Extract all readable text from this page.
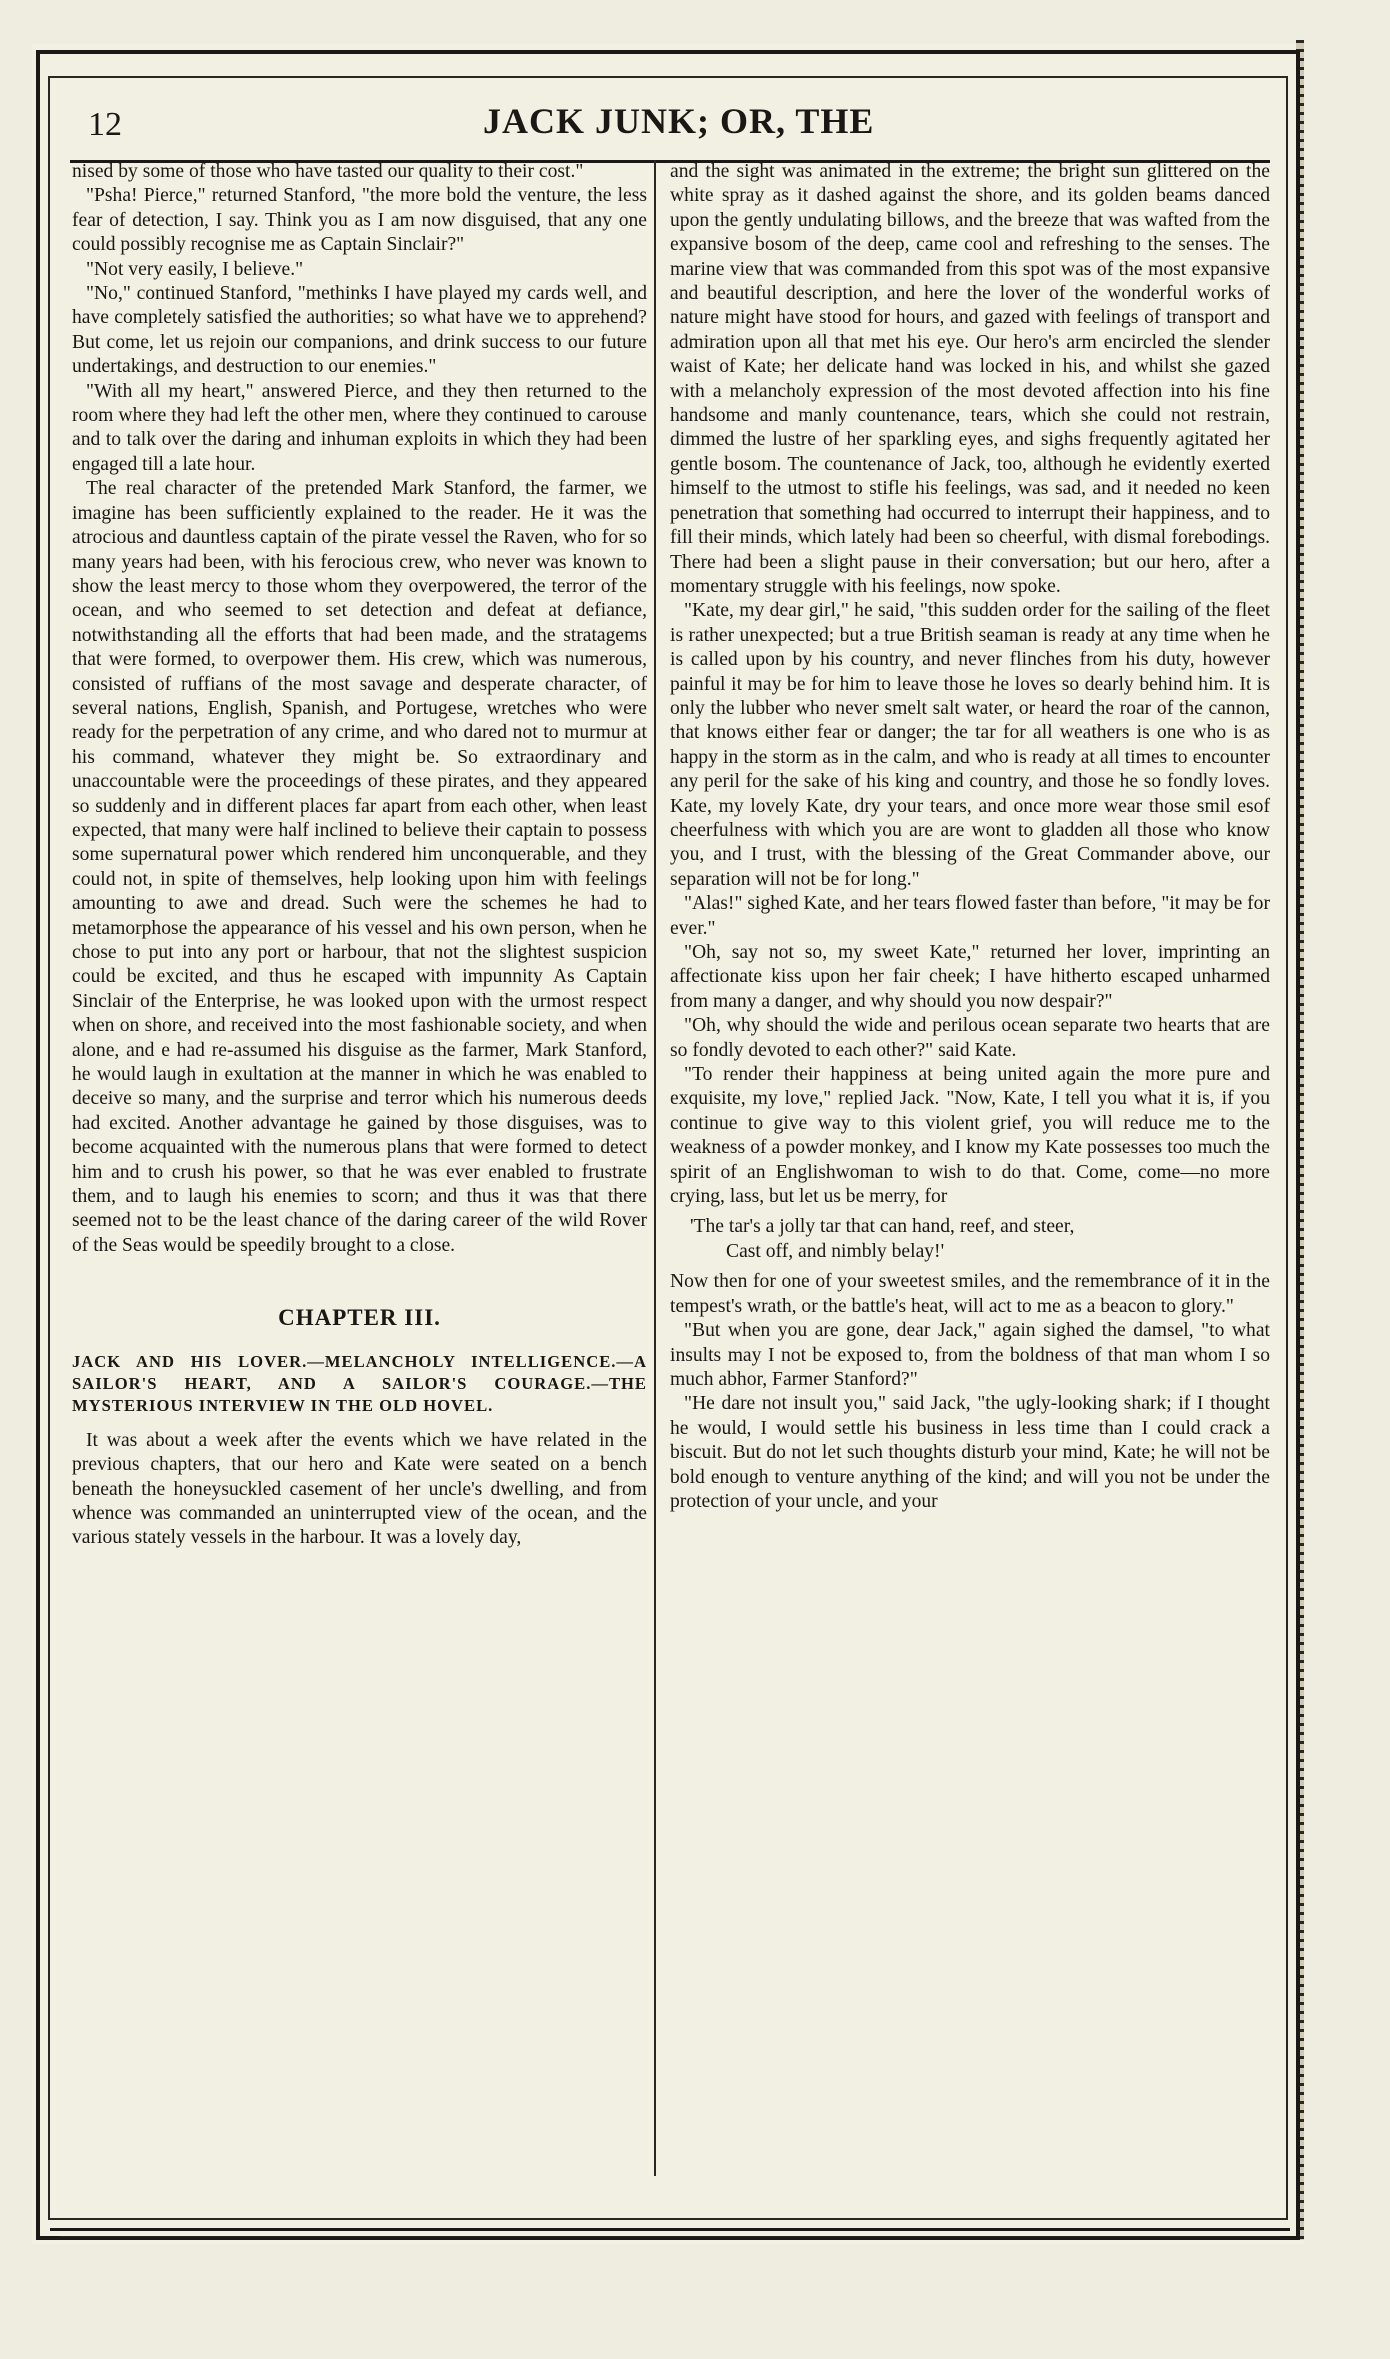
12	JACK JUNK; OR, THE

nised by some of those who have tasted our quality to their cost."

"Psha! Pierce," returned Stanford, "the more bold the venture, the less fear of detection, I say. Think you as I am now disguised, that any one could possibly recognise me as Captain Sinclair?"

"Not very easily, I believe."

"No," continued Stanford, "methinks I have played my cards well, and have completely satisfied the authorities; so what have we to apprehend? But come, let us rejoin our companions, and drink success to our future undertakings, and destruction to our enemies."

"With all my heart," answered Pierce, and they then returned to the room where they had left the other men, where they continued to carouse and to talk over the daring and inhuman exploits in which they had been engaged till a late hour.

The real character of the pretended Mark Stanford, the farmer, we imagine has been sufficiently explained to the reader. He it was the atrocious and dauntless captain of the pirate vessel the Raven, who for so many years had been, with his ferocious crew, who never was known to show the least mercy to those whom they overpowered, the terror of the ocean, and who seemed to set detection and defeat at defiance, notwithstanding all the efforts that had been made, and the stratagems that were formed, to overpower them. His crew, which was numerous, consisted of ruffians of the most savage and desperate character, of several nations, English, Spanish, and Portugese, wretches who were ready for the perpetration of any crime, and who dared not to murmur at his command, whatever they might be. So extraordinary and unaccountable were the proceedings of these pirates, and they appeared so suddenly and in different places far apart from each other, when least expected, that many were half inclined to believe their captain to possess some supernatural power which rendered him unconquerable, and they could not, in spite of themselves, help looking upon him with feelings amounting to awe and dread. Such were the schemes he had to metamorphose the appearance of his vessel and his own person, when he chose to put into any port or harbour, that not the slightest suspicion could be excited, and thus he escaped with impunnity As Captain Sinclair of the Enterprise, he was looked upon with the urmost respect when on shore, and received into the most fashionable society, and when alone, and e had re-assumed his disguise as the farmer, Mark Stanford, he would laugh in exultation at the manner in which he was enabled to deceive so many, and the surprise and terror which his numerous deeds had excited. Another advantage he gained by those disguises, was to become acquainted with the numerous plans that were formed to detect him and to crush his power, so that he was ever enabled to frustrate them, and to laugh his enemies to scorn; and thus it was that there seemed not to be the least chance of the daring career of the wild Rover of the Seas would be speedily brought to a close.

CHAPTER III.
JACK AND HIS LOVER.—MELANCHOLY INTELLIGENCE.—A SAILOR'S HEART, AND A SAILOR'S COURAGE.—THE MYSTERIOUS INTERVIEW IN THE OLD HOVEL.

It was about a week after the events which we have related in the previous chapters, that our hero and Kate were seated on a bench beneath the honeysuckled casement of her uncle's dwelling, and from whence was commanded an uninterrupted view of the ocean, and the various stately vessels in the harbour. It was a lovely day,

and the sight was animated in the extreme; the bright sun glittered on the white spray as it dashed against the shore, and its golden beams danced upon the gently undulating billows, and the breeze that was wafted from the expansive bosom of the deep, came cool and refreshing to the senses. The marine view that was commanded from this spot was of the most expansive and beautiful description, and here the lover of the wonderful works of nature might have stood for hours, and gazed with feelings of transport and admiration upon all that met his eye. Our hero's arm encircled the slender waist of Kate; her delicate hand was locked in his, and whilst she gazed with a melancholy expression of the most devoted affection into his fine handsome and manly countenance, tears, which she could not restrain, dimmed the lustre of her sparkling eyes, and sighs frequently agitated her gentle bosom. The countenance of Jack, too, although he evidently exerted himself to the utmost to stifle his feelings, was sad, and it needed no keen penetration that something had occurred to interrupt their happiness, and to fill their minds, which lately had been so cheerful, with dismal forebodings. There had been a slight pause in their conversation; but our hero, after a momentary struggle with his feelings, now spoke.

"Kate, my dear girl," he said, "this sudden order for the sailing of the fleet is rather unexpected; but a true British seaman is ready at any time when he is called upon by his country, and never flinches from his duty, however painful it may be for him to leave those he loves so dearly behind him. It is only the lubber who never smelt salt water, or heard the roar of the cannon, that knows either fear or danger; the tar for all weathers is one who is as happy in the storm as in the calm, and who is ready at all times to encounter any peril for the sake of his king and country, and those he so fondly loves. Kate, my lovely Kate, dry your tears, and once more wear those smil esof cheerfulness with which you are are wont to gladden all those who know you, and I trust, with the blessing of the Great Commander above, our separation will not be for long."

"Alas!" sighed Kate, and her tears flowed faster than before, "it may be for ever."

"Oh, say not so, my sweet Kate," returned her lover, imprinting an affectionate kiss upon her fair cheek; I have hitherto escaped unharmed from many a danger, and why should you now despair?"

"Oh, why should the wide and perilous ocean separate two hearts that are so fondly devoted to each other?" said Kate.

"To render their happiness at being united again the more pure and exquisite, my love," replied Jack. "Now, Kate, I tell you what it is, if you continue to give way to this violent grief, you will reduce me to the weakness of a powder monkey, and I know my Kate possesses too much the spirit of an Englishwoman to wish to do that. Come, come—no more crying, lass, but let us be merry, for

'The tar's a jolly tar that can hand, reef, and steer,
Cast off, and nimbly belay!'

Now then for one of your sweetest smiles, and the remembrance of it in the tempest's wrath, or the battle's heat, will act to me as a beacon to glory."

"But when you are gone, dear Jack," again sighed the damsel, "to what insults may I not be exposed to, from the boldness of that man whom I so much abhor, Farmer Stanford?"

"He dare not insult you," said Jack, "the ugly-looking shark; if I thought he would, I would settle his business in less time than I could crack a biscuit. But do not let such thoughts disturb your mind, Kate; he will not be bold enough to venture anything of the kind; and will you not be under the protection of your uncle, and your
